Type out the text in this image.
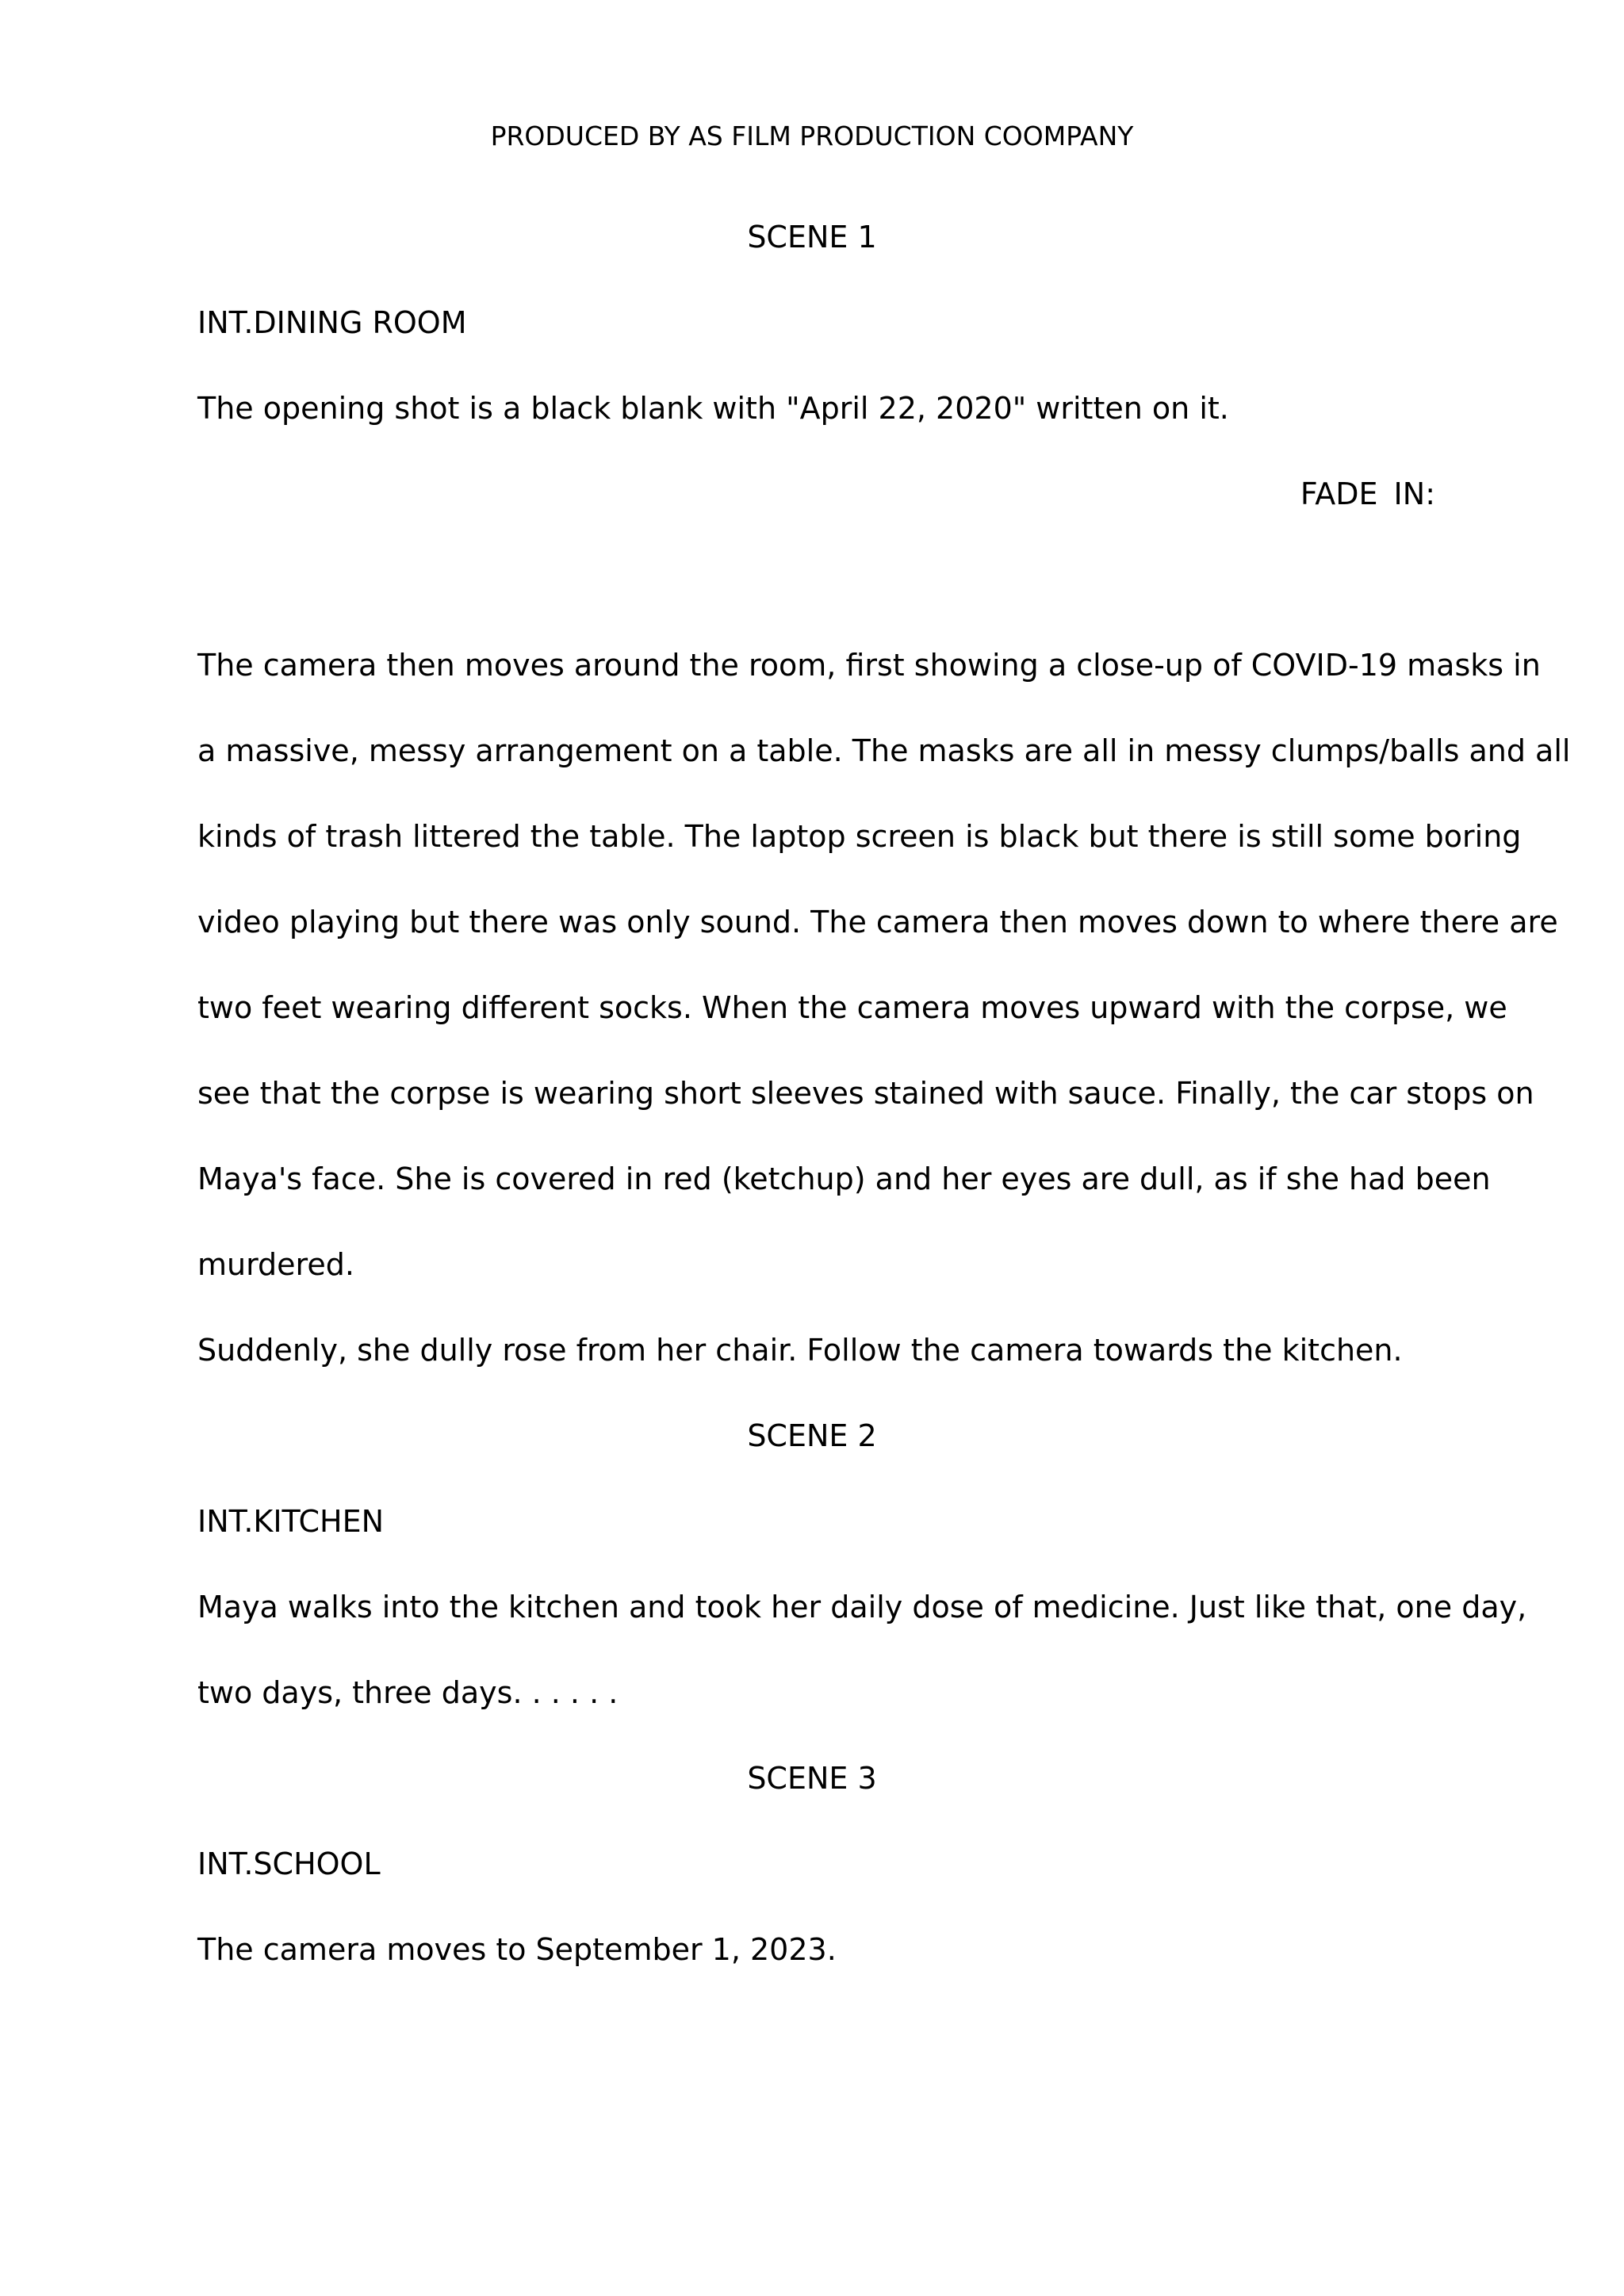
PRODUCED BY AS FILM PRODUCTION COOMPANY

SCENE 1

INT.DINING ROOM

The opening shot is a black blank with "April 22, 2020" written on it.

FADE IN:

The camera then moves around the room, first showing a close-up of COVID-19 masks in

a massive, messy arrangement on a table. The masks are all in messy clumps/balls and all

kinds of trash littered the table. The laptop screen is black but there is still some boring

video playing but there was only sound. The camera then moves down to where there are

two feet wearing different socks. When the camera moves upward with the corpse, we

see that the corpse is wearing short sleeves stained with sauce. Finally, the car stops on

Maya's face. She is covered in red (ketchup) and her eyes are dull, as if she had been

murdered.

Suddenly, she dully rose from her chair. Follow the camera towards the kitchen.

SCENE 2

INT.KITCHEN

Maya walks into the kitchen and took her daily dose of medicine. Just like that, one day,

two days, three days. . . . . .

SCENE 3

INT.SCHOOL

The camera moves to September 1, 2023.
